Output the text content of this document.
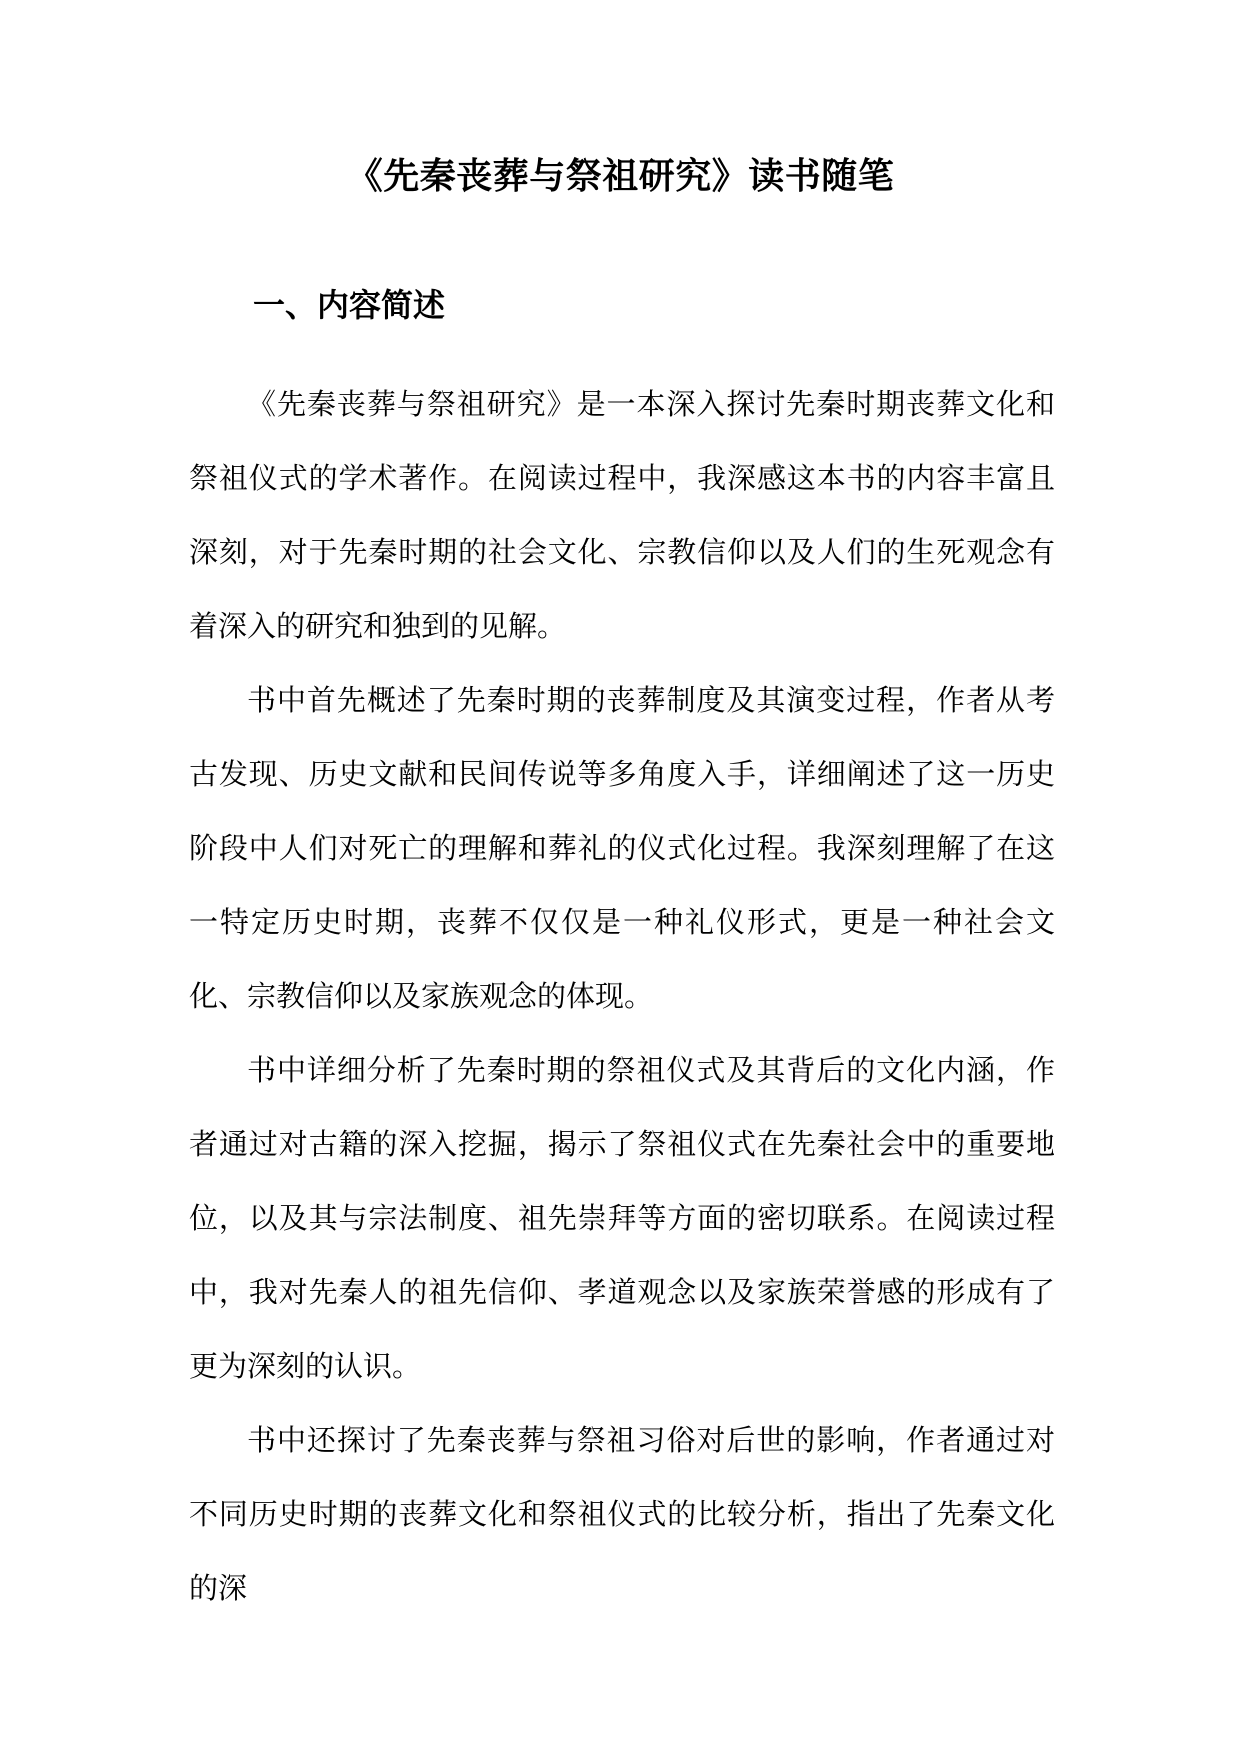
《先秦丧葬与祭祖研究》读书随笔
一、内容简述

《先秦丧葬与祭祖研究》是一本深入探讨先秦时期丧葬文化和祭祖仪式的学术著作。在阅读过程中，我深感这本书的内容丰富且深刻，对于先秦时期的社会文化、宗教信仰以及人们的生死观念有着深入的研究和独到的见解。

书中首先概述了先秦时期的丧葬制度及其演变过程，作者从考古发现、历史文献和民间传说等多角度入手，详细阐述了这一历史阶段中人们对死亡的理解和葬礼的仪式化过程。我深刻理解了在这一特定历史时期，丧葬不仅仅是一种礼仪形式，更是一种社会文化、宗教信仰以及家族观念的体现。

书中详细分析了先秦时期的祭祖仪式及其背后的文化内涵，作者通过对古籍的深入挖掘，揭示了祭祖仪式在先秦社会中的重要地位，以及其与宗法制度、祖先崇拜等方面的密切联系。在阅读过程中，我对先秦人的祖先信仰、孝道观念以及家族荣誉感的形成有了更为深刻的认识。

书中还探讨了先秦丧葬与祭祖习俗对后世的影响，作者通过对不同历史时期的丧葬文化和祭祖仪式的比较分析，指出了先秦文化的深
